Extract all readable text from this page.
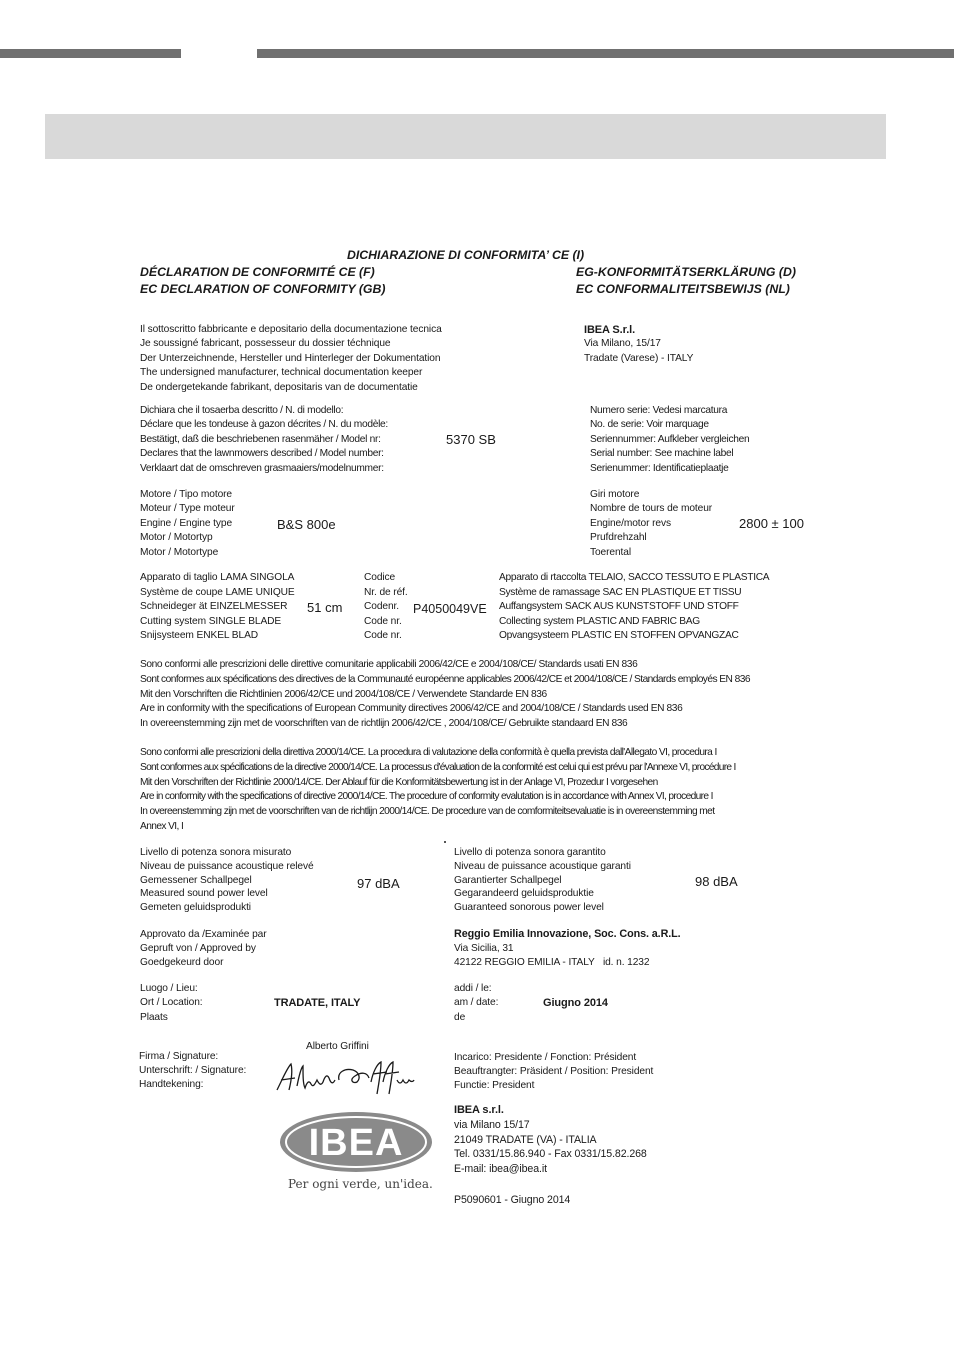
DICHIARAZIONE DI CONFORMITA’ CE (I)
DÉCLARATION DE CONFORMITÉ CE (F)
EC DECLARATION OF CONFORMITY (GB)
EG-KONFORMITÄTSERKLÄRUNG (D)
EC CONFORMALITEITSBEWIJS (NL)
Il sottoscritto fabbricante e depositario della documentazione tecnica
Je soussigné fabricant, possesseur du dossier téchnique
Der Unterzeichnende, Hersteller und Hinterleger der Dokumentation
The undersigned manufacturer, technical documentation keeper
De ondergetekande fabrikant, depositaris van de documentatie
IBEA S.r.l.
Via Milano, 15/17
Tradate (Varese) - ITALY
Dichiara che il tosaerba descritto / N. di modello:
Déclare que les tondeuse à gazon décrites / N. du modèle:
Bestätigt, daß die beschriebenen rasenmäher / Model nr:
Declares that the lawnmowers described / Model number:
Verklaart dat de omschreven grasmaaiers/modelnummer:
5370 SB
Numero serie: Vedesi marcatura
No. de serie: Voir marquage
Seriennummer: Aufkleber vergleichen
Serial number: See machine label
Serienummer: Identificatieplaatje
Motore / Tipo motore
Moteur / Type moteur
Engine / Engine type
Motor / Motortyp
Motor / Motortype
B&S 800e
Giri motore
Nombre de tours de moteur
Engine/motor revs
Prufdrehzahl
Toerental
2800 ± 100
Apparato di taglio LAMA SINGOLA
Système de coupe LAME UNIQUE
Schneideger ät EINZELMESSER
Cutting system SINGLE BLADE
Snijsysteem ENKEL BLAD
51 cm
Codice
Nr. de réf.
Codenr.
Code nr.
Code nr.
P4050049VE
Apparato di rtaccolta TELAIO, SACCO TESSUTO E PLASTICA
Système de ramassage SAC EN PLASTIQUE ET TISSU
Auffangsystem SACK AUS KUNSTSTOFF UND STOFF
Collecting system PLASTIC AND FABRIC BAG
Opvangsysteem PLASTIC EN STOFFEN OPVANGZAC
Sono conformi alle prescrizioni delle direttive comunitarie applicabili 2006/42/CE e 2004/108/CE/ Standards usati EN 836
Sont conformes aux spécifications des directives de la Communauté européenne applicables 2006/42/CE et 2004/108/CE / Standards employés EN 836
Mit den Vorschriften die Richtlinien 2006/42/CE und 2004/108/CE / Verwendete Standarde EN 836
Are in conformity with the specifications of European Community directives 2006/42/CE and 2004/108/CE / Standards used EN 836
In overeenstemming zijn met de voorschriften van de richtlijn 2006/42/CE , 2004/108/CE/ Gebruikte standaard EN 836
Sono conformi alle prescrizioni della direttiva 2000/14/CE. La procedura di valutazione della conformità è quella prevista dall'Allegato VI, procedura I
Sont conformes aux spécifications de la directive 2000/14/CE. La processus d'évaluation de la conformité est celui qui est prévu par l'Annexe VI, procédure I
Mit den Vorschriften der Richtlinie 2000/14/CE. Der Ablauf für die Konformitätsbewertung ist in der Anlage VI, Prozedur I vorgesehen
Are in conformity with the specifications of directive 2000/14/CE. The procedure of conformity evalutation is in accordance with Annex VI, procedure I
In overeenstemming zijn met de voorschriften van de richtlijn 2000/14/CE. De procedure van de comformiteitsevaluatie is in overeenstemming met
Annex VI, I
Livello di potenza sonora misurato
Niveau de puissance acoustique relevé
Gemessener Schallpegel
Measured sound power level
Gemeten geluidsprodukti
97 dBA
Livello di potenza sonora garantito
Niveau de puissance acoustique garanti
Garantierter Schallpegel
Gegarandeerd geluidsproduktie
Guaranteed sonorous power level
98 dBA
Approvato da /Examinée par
Gepruft von / Approved by
Goedgekeurd door
Reggio Emilia Innovazione, Soc. Cons. a.R.L.
Via Sicilia, 31
42122 REGGIO EMILIA - ITALY id. n. 1232
Luogo / Lieu:
Ort / Location:
Plaats
TRADATE, ITALY
addi / le:
am / date:
de
Giugno 2014
Alberto Griffini
Firma / Signature:
Unterschrift: / Signature:
Handtekening:
Incarico: Presidente / Fonction: Président
Beauftrangter: Präsident / Position: President
Functie: President
IBEA
Per ogni verde, un'idea.
IBEA s.r.l.
via Milano 15/17
21049 TRADATE (VA) - ITALIA
Tel. 0331/15.86.940 - Fax 0331/15.82.268
E-mail: ibea@ibea.it
P5090601 - Giugno 2014
